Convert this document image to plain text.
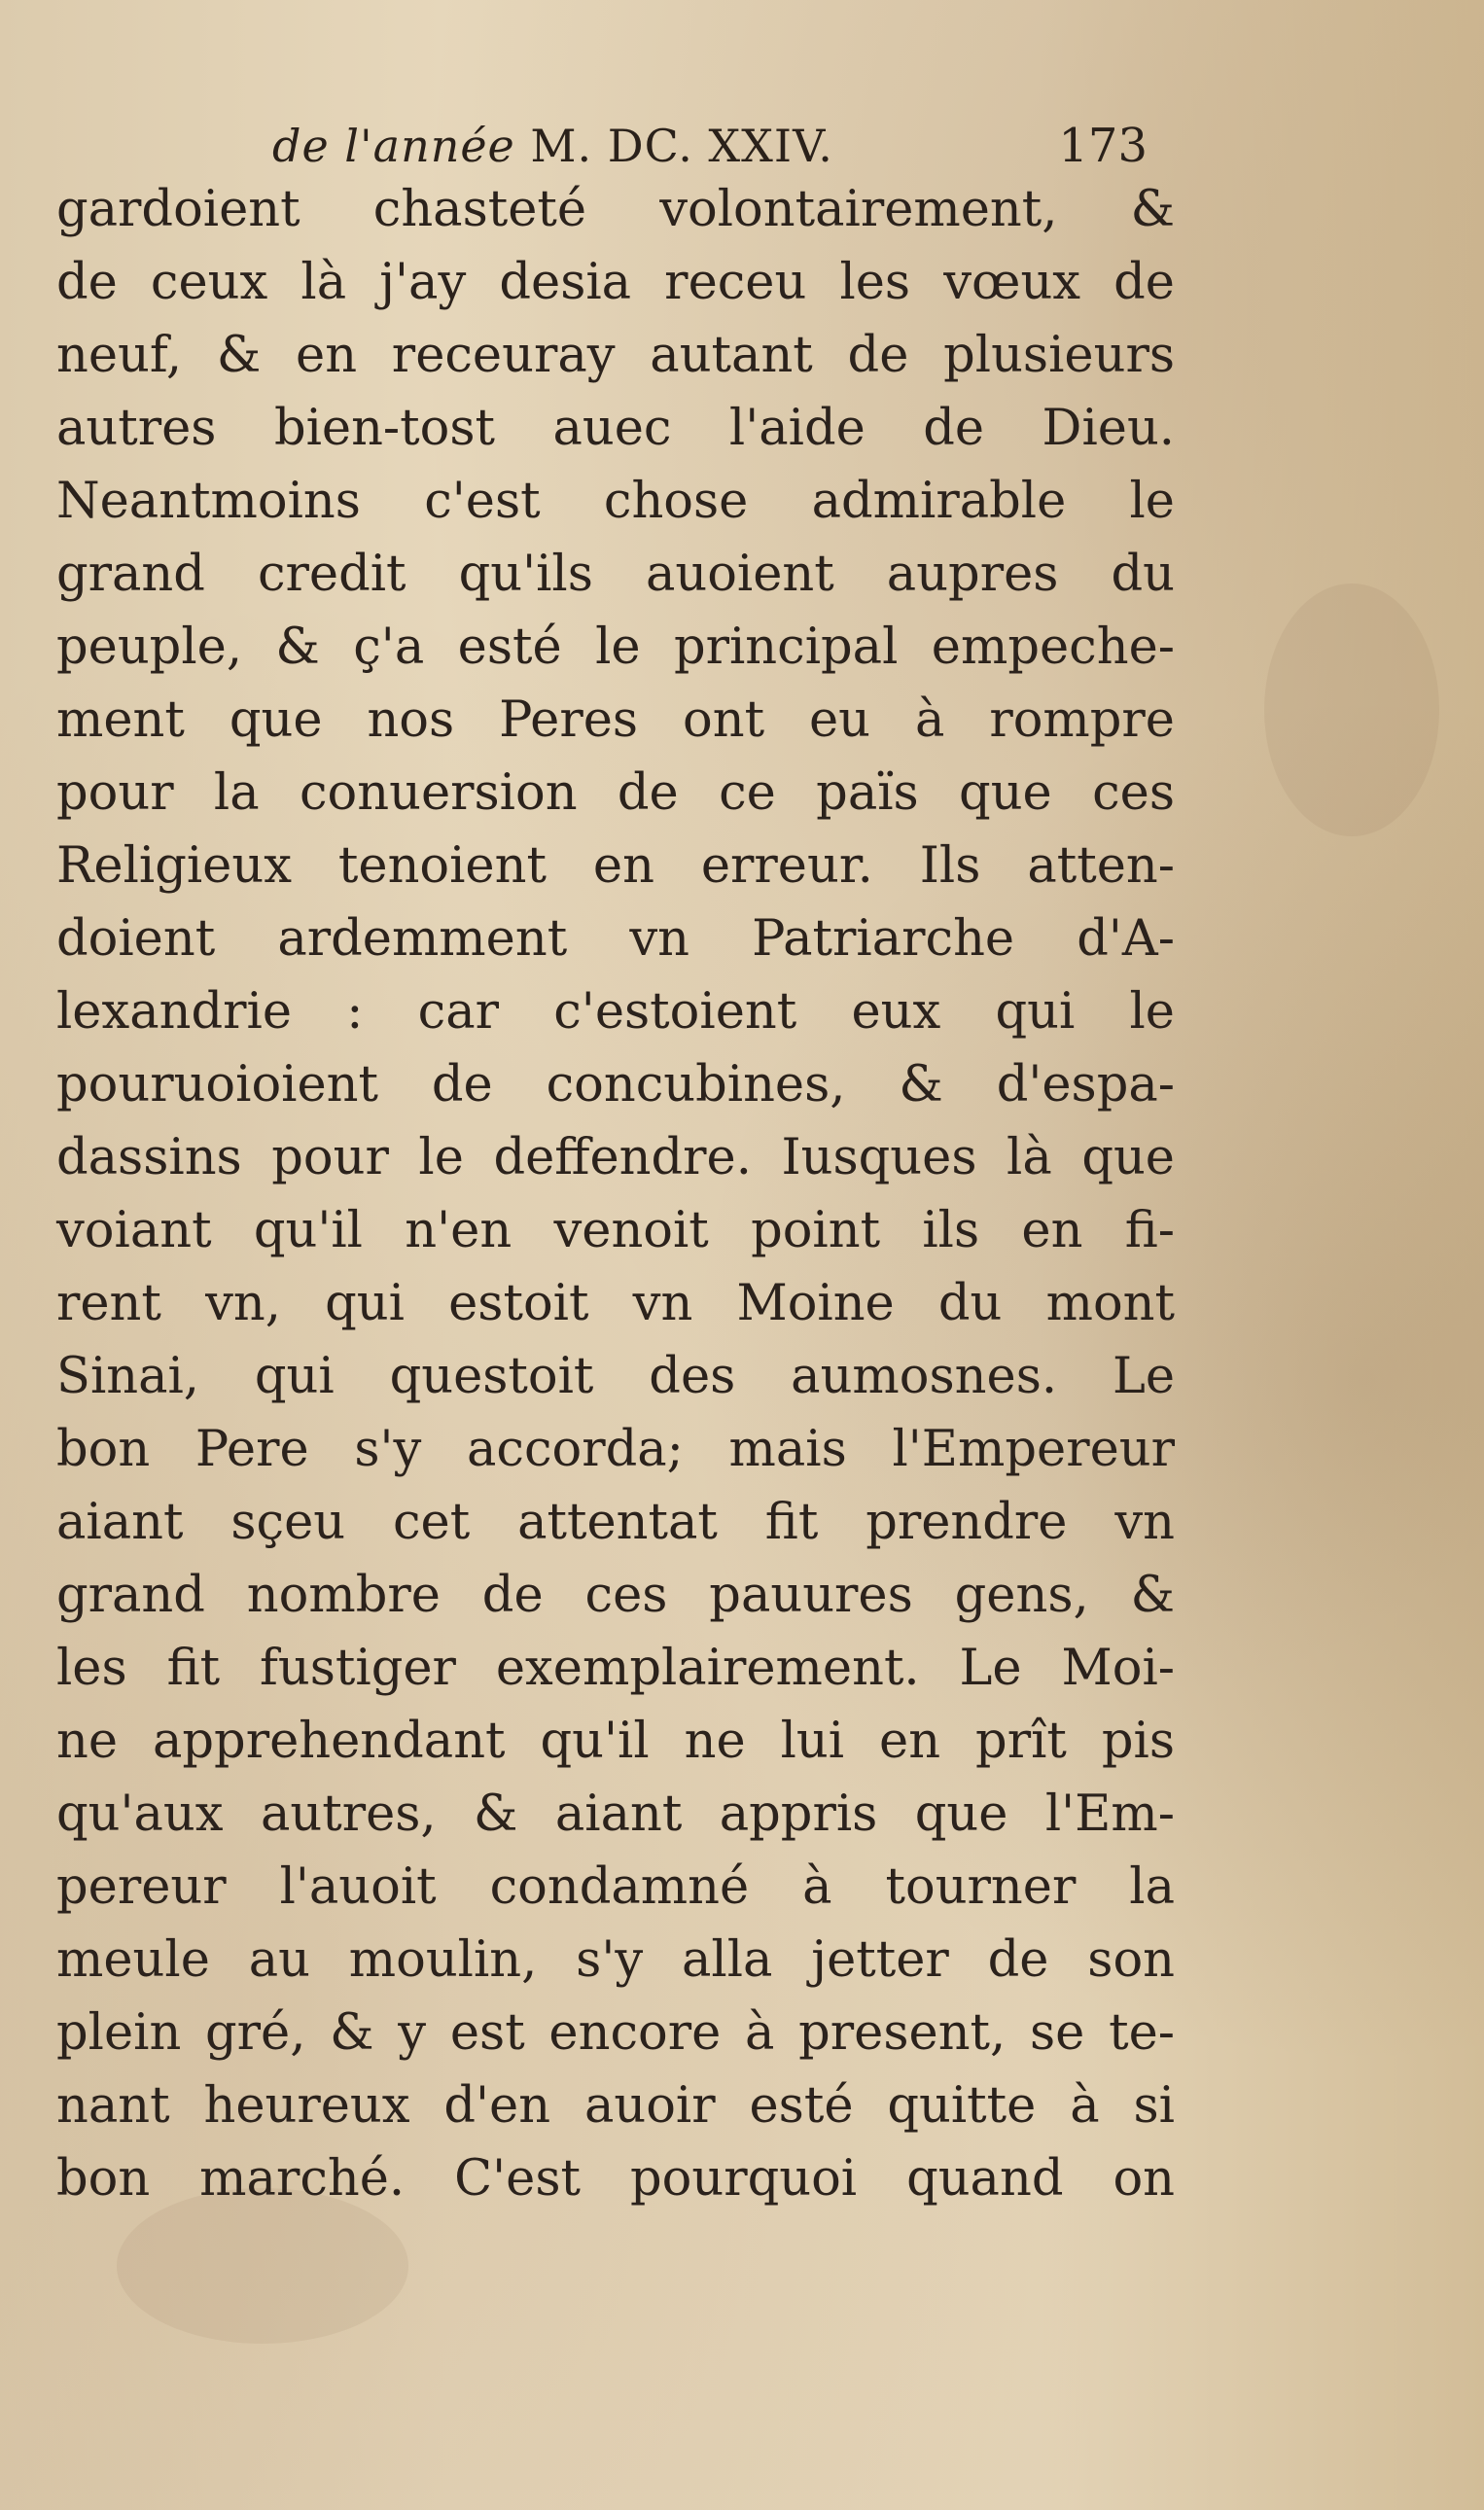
de l'année M. DC. XXIV.	173
gardoient chasteté volontairement, &
de ceux là j'ay desia receu les vœux de
neuf, & en receuray autant de plusieurs
autres bien-tost auec l'aide de Dieu.
Neantmoins c'est chose admirable le
grand credit qu'ils auoient aupres du
peuple, & ç'a esté le principal empeche-
ment que nos Peres ont eu à rompre
pour la conuersion de ce païs que ces
Religieux tenoient en erreur. Ils atten-
doient ardemment vn Patriarche d'A-
lexandrie : car c'estoient eux qui le
pouruoioient de concubines, & d'espa-
dassins pour le deffendre. Iusques là que
voiant qu'il n'en venoit point ils en fi-
rent vn, qui estoit vn Moine du mont
Sinai, qui questoit des aumosnes. Le
bon Pere s'y accorda; mais l'Empereur
aiant sçeu cet attentat fit prendre vn
grand nombre de ces pauures gens, &
les fit fustiger exemplairement. Le Moi-
ne apprehendant qu'il ne lui en prît pis
qu'aux autres, & aiant appris que l'Em-
pereur l'auoit condamné à tourner la
meule au moulin, s'y alla jetter de son
plein gré, & y est encore à present, se te-
nant heureux d'en auoir esté quitte à si
bon marché. C'est pourquoi quand on
